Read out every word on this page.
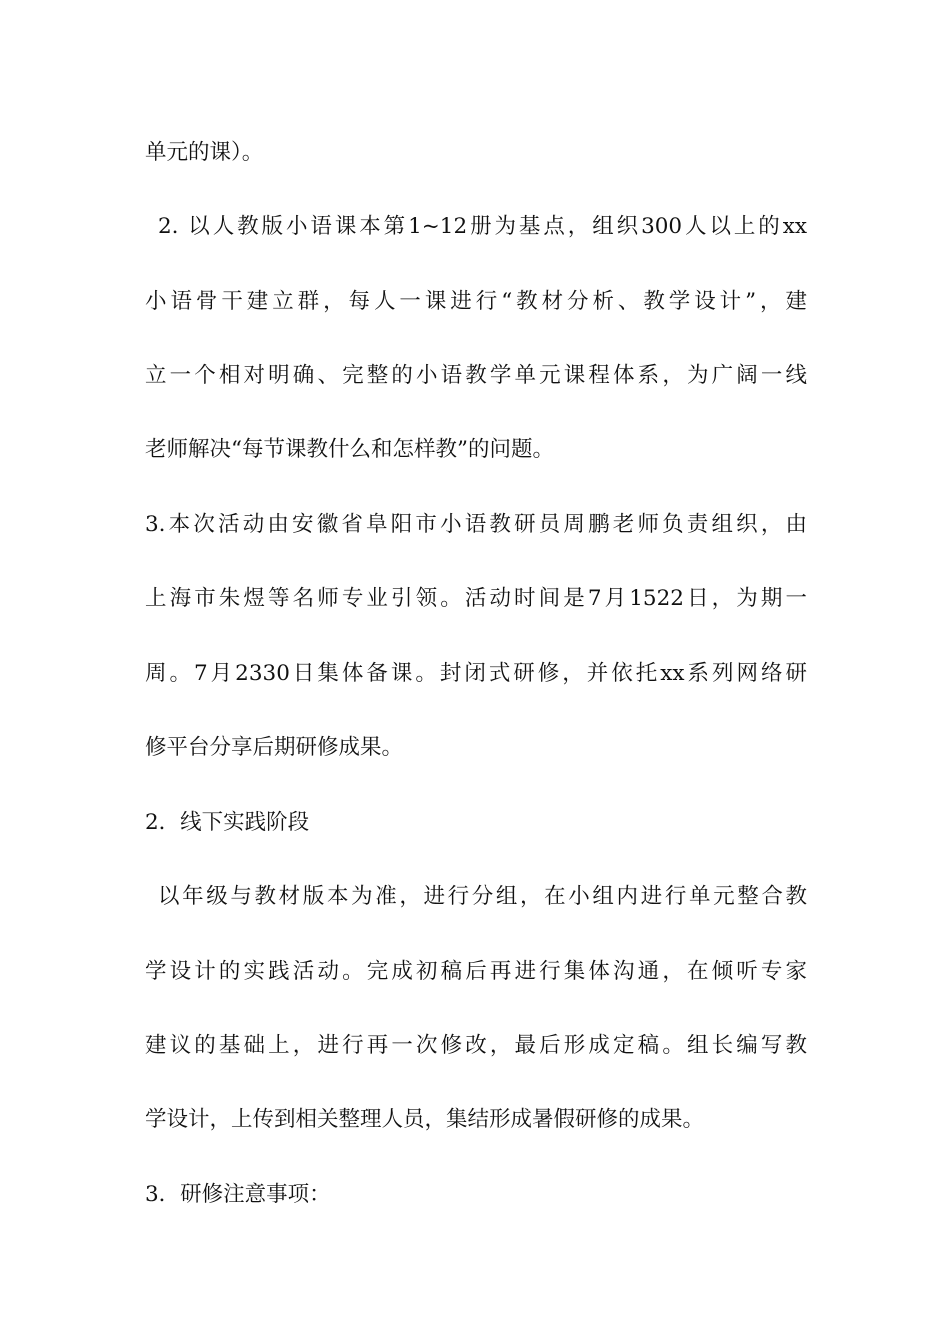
单元的课）。
2. 以人教版小语课本第1~12册为基点，组织300人以上的xx
小语骨干建立群，每人一课进行“教材分析、教学设计”，建
立一个相对明确、完整的小语教学单元课程体系，为广阔一线
老师解决“每节课教什么和怎样教”的问题。
3.本次活动由安徽省阜阳市小语教研员周鹏老师负责组织，由
上海市朱煜等名师专业引领。活动时间是7月1522日，为期一
周。7月2330日集体备课。封闭式研修，并依托xx系列网络研
修平台分享后期研修成果。
2．线下实践阶段
以年级与教材版本为准，进行分组，在小组内进行单元整合教
学设计的实践活动。完成初稿后再进行集体沟通，在倾听专家
建议的基础上，进行再一次修改，最后形成定稿。组长编写教
学设计，上传到相关整理人员，集结形成暑假研修的成果。
3．研修注意事项：
